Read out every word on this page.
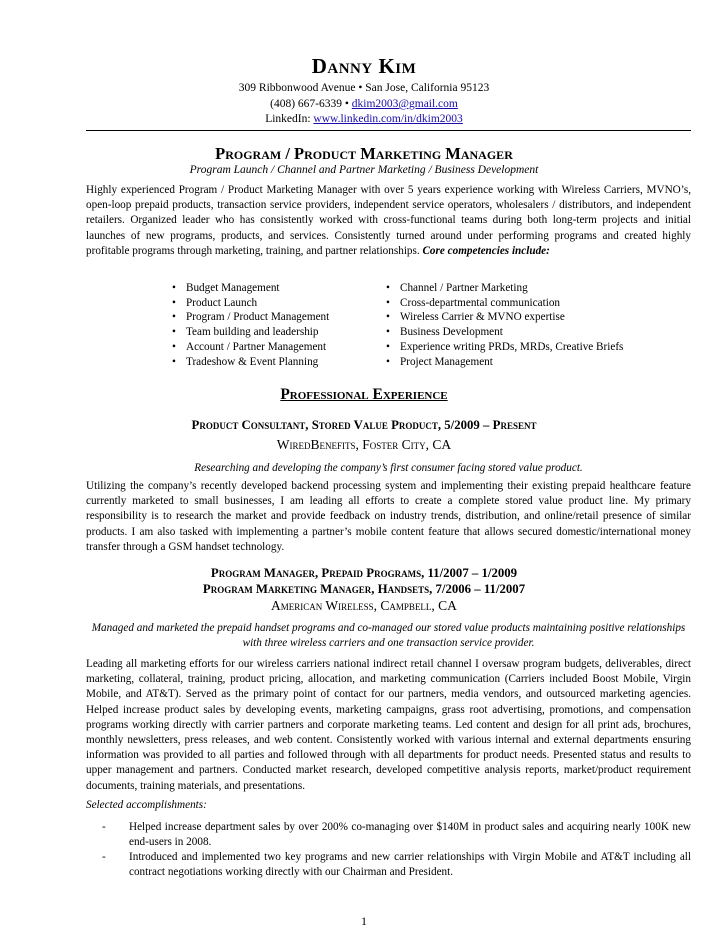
Danny Kim
309 Ribbonwood Avenue • San Jose, California 95123
(408) 667-6339 • dkim2003@gmail.com
LinkedIn: www.linkedin.com/in/dkim2003
Program / Product Marketing Manager
Program Launch / Channel and Partner Marketing / Business Development
Highly experienced Program / Product Marketing Manager with over 5 years experience working with Wireless Carriers, MVNO’s, open-loop prepaid products, transaction service providers, independent service operators, wholesalers / distributors, and independent retailers. Organized leader who has consistently worked with cross-functional teams during both long-term projects and initial launches of new programs, products, and services. Consistently turned around under performing programs and created highly profitable programs through marketing, training, and partner relationships. Core competencies include:
• Budget Management
• Product Launch
• Program / Product Management
• Team building and leadership
• Account / Partner Management
• Tradeshow & Event Planning
• Channel / Partner Marketing
• Cross-departmental communication
• Wireless Carrier & MVNO expertise
• Business Development
• Experience writing PRDs, MRDs, Creative Briefs
• Project Management
Professional Experience
Product Consultant, Stored Value Product, 5/2009 – Present
WiredBenefits, Foster City, CA
Researching and developing the company’s first consumer facing stored value product.
Utilizing the company’s recently developed backend processing system and implementing their existing prepaid healthcare feature currently marketed to small businesses, I am leading all efforts to create a complete stored value product line. My primary responsibility is to research the market and provide feedback on industry trends, distribution, and online/retail presence of similar products. I am also tasked with implementing a partner’s mobile content feature that allows secured domestic/international money transfer through a GSM handset technology.
Program Manager, Prepaid Programs, 11/2007 – 1/2009
Program Marketing Manager, Handsets, 7/2006 – 11/2007
American Wireless, Campbell, CA
Managed and marketed the prepaid handset programs and co-managed our stored value products maintaining positive relationships with three wireless carriers and one transaction service provider.
Leading all marketing efforts for our wireless carriers national indirect retail channel I oversaw program budgets, deliverables, direct marketing, collateral, training, product pricing, allocation, and marketing communication (Carriers included Boost Mobile, Virgin Mobile, and AT&T). Served as the primary point of contact for our partners, media vendors, and outsourced marketing agencies. Helped increase product sales by developing events, marketing campaigns, grass root advertising, promotions, and compensation programs working directly with carrier partners and corporate marketing teams. Led content and design for all print ads, brochures, monthly newsletters, press releases, and web content. Consistently worked with various internal and external departments ensuring information was provided to all parties and followed through with all departments for product needs. Presented status and results to upper management and partners. Conducted market research, developed competitive analysis reports, market/product requirement documents, training materials, and presentations.
Selected accomplishments:
- Helped increase department sales by over 200% co-managing over $140M in product sales and acquiring nearly 100K new end-users in 2008.
- Introduced and implemented two key programs and new carrier relationships with Virgin Mobile and AT&T including all contract negotiations working directly with our Chairman and President.
1
